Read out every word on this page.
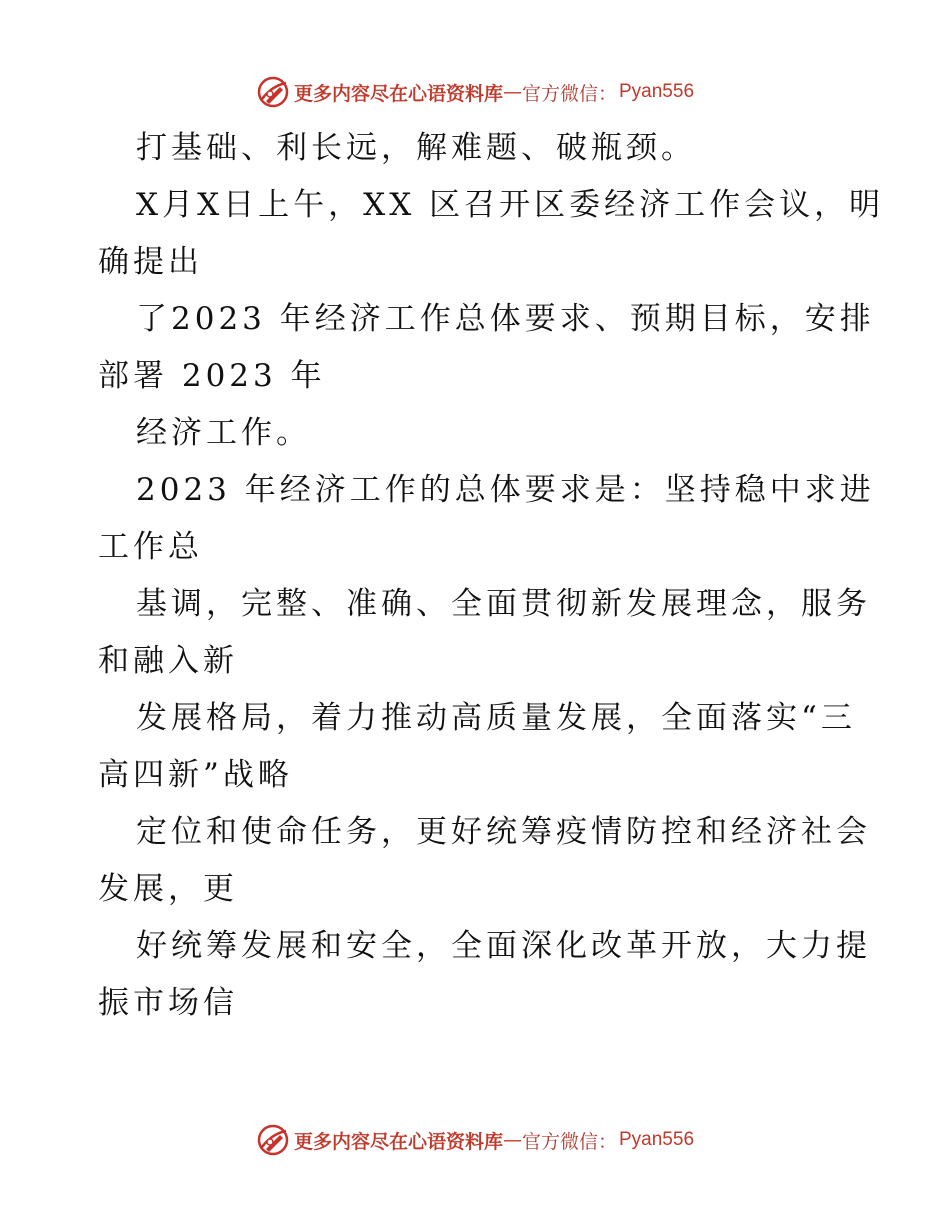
更多内容尽在心语资料库 — 官方微信： Pyan556
打基础、利长远，解难题、破瓶颈。
X月X日上午，XX 区召开区委经济工作会议，明
确提出
了2023 年经济工作总体要求、预期目标，安排
部署 2023 年
经济工作。
2023 年经济工作的总体要求是：坚持稳中求进
工作总
基调，完整、准确、全面贯彻新发展理念，服务
和融入新
发展格局，着力推动高质量发展，全面落实“三
高四新”战略
定位和使命任务，更好统筹疫情防控和经济社会
发展，更
好统筹发展和安全，全面深化改革开放，大力提
振市场信
更多内容尽在心语资料库 — 官方微信： Pyan556
